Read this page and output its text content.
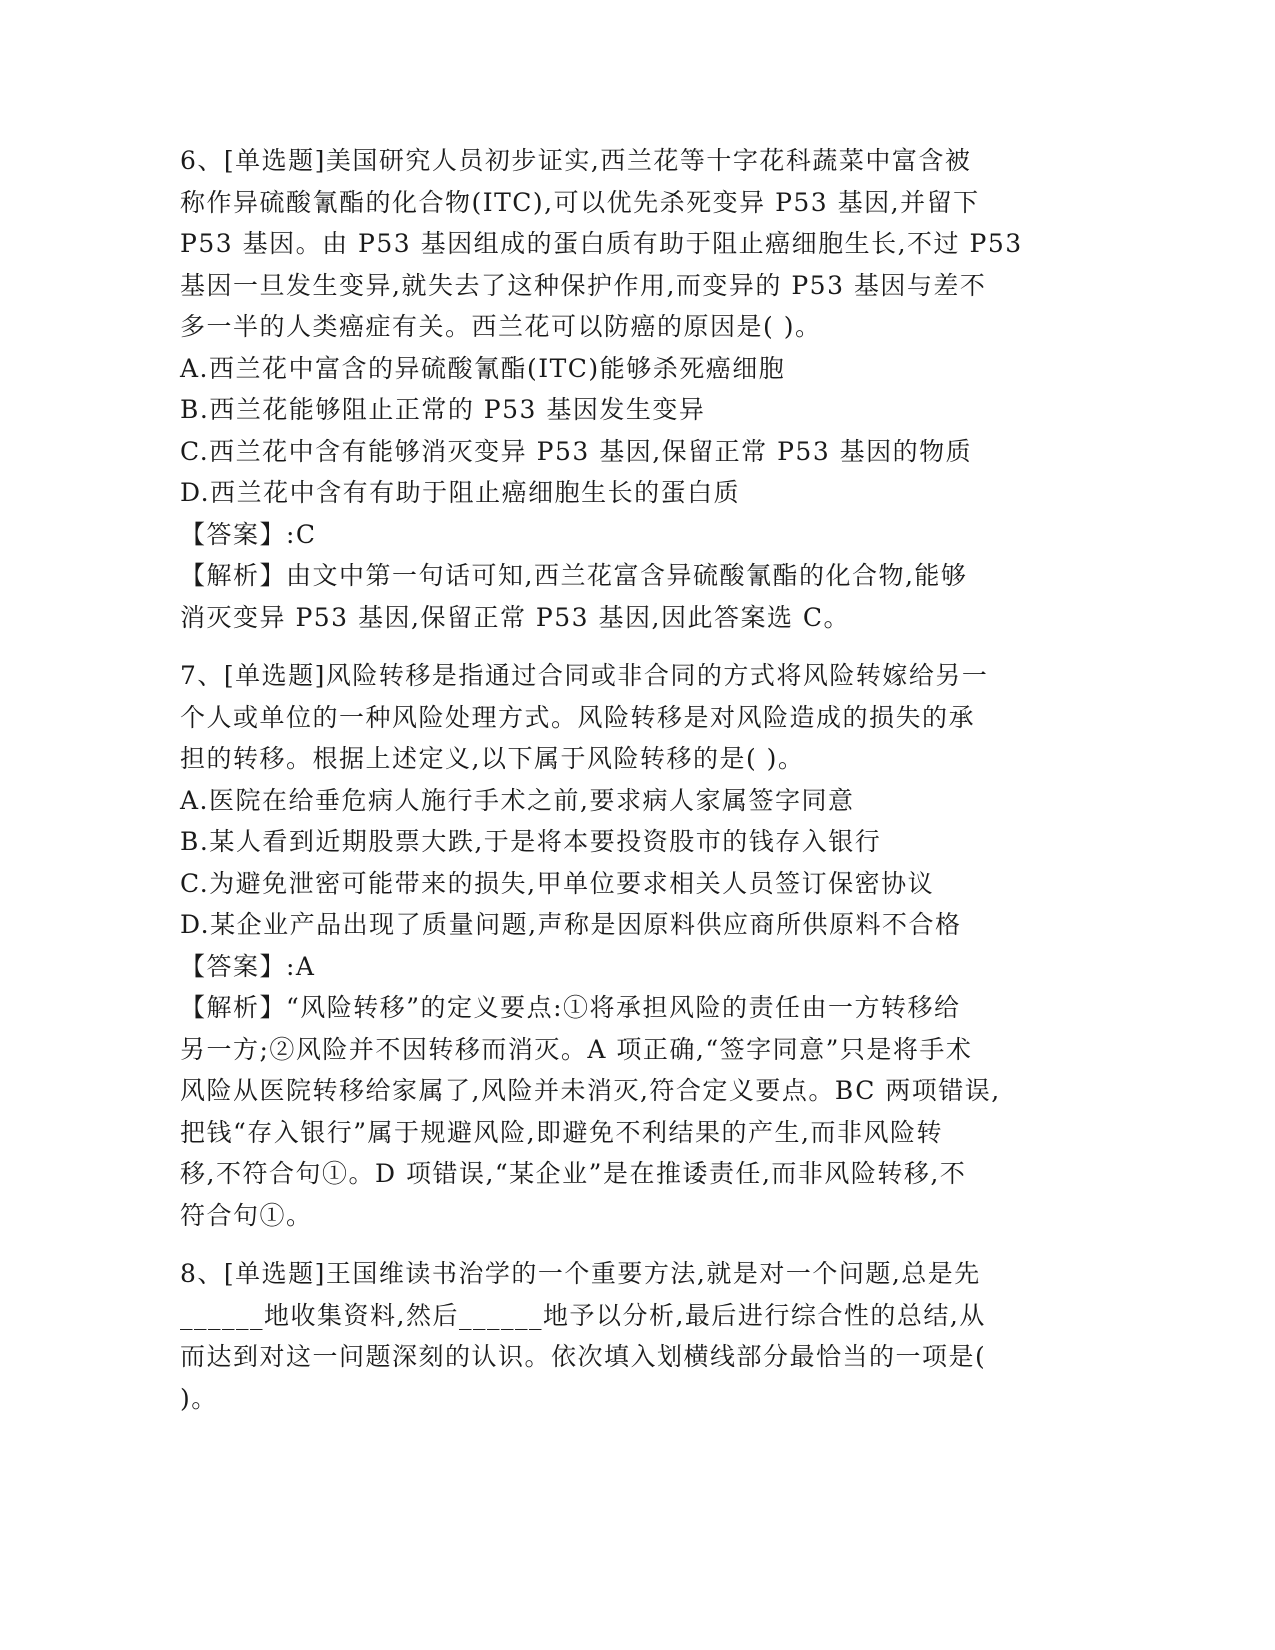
6、[单选题]美国研究人员初步证实,西兰花等十字花科蔬菜中富含被
称作异硫酸氰酯的化合物(ITC),可以优先杀死变异 P53 基因,并留下
P53 基因。由 P53 基因组成的蛋白质有助于阻止癌细胞生长,不过 P53
基因一旦发生变异,就失去了这种保护作用,而变异的 P53 基因与差不
多一半的人类癌症有关。西兰花可以防癌的原因是( )。
A.西兰花中富含的异硫酸氰酯(ITC)能够杀死癌细胞
B.西兰花能够阻止正常的 P53 基因发生变异
C.西兰花中含有能够消灭变异 P53 基因,保留正常 P53 基因的物质
D.西兰花中含有有助于阻止癌细胞生长的蛋白质
【答案】:C
【解析】由文中第一句话可知,西兰花富含异硫酸氰酯的化合物,能够
消灭变异 P53 基因,保留正常 P53 基因,因此答案选 C。
7、[单选题]风险转移是指通过合同或非合同的方式将风险转嫁给另一
个人或单位的一种风险处理方式。风险转移是对风险造成的损失的承
担的转移。根据上述定义,以下属于风险转移的是( )。
A.医院在给垂危病人施行手术之前,要求病人家属签字同意
B.某人看到近期股票大跌,于是将本要投资股市的钱存入银行
C.为避免泄密可能带来的损失,甲单位要求相关人员签订保密协议
D.某企业产品出现了质量问题,声称是因原料供应商所供原料不合格
【答案】:A
【解析】“风险转移”的定义要点:①将承担风险的责任由一方转移给
另一方;②风险并不因转移而消灭。A 项正确,“签字同意”只是将手术
风险从医院转移给家属了,风险并未消灭,符合定义要点。BC 两项错误,
把钱“存入银行”属于规避风险,即避免不利结果的产生,而非风险转
移,不符合句①。D 项错误,“某企业”是在推诿责任,而非风险转移,不
符合句①。
8、[单选题]王国维读书治学的一个重要方法,就是对一个问题,总是先
______地收集资料,然后______地予以分析,最后进行综合性的总结,从
而达到对这一问题深刻的认识。依次填入划横线部分最恰当的一项是(
)。
